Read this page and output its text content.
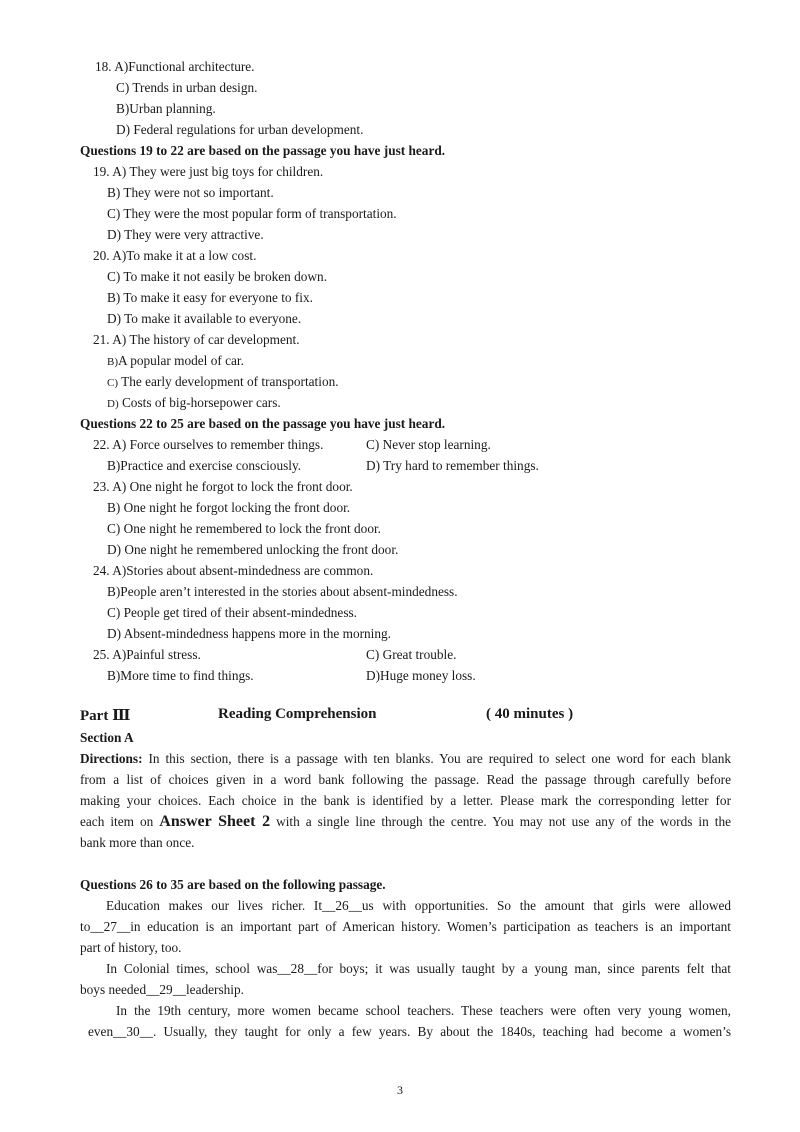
18. A)Functional architecture.
C) Trends in urban design.
B)Urban planning.
D) Federal regulations for urban development.
Questions 19 to 22 are based on the passage you have just heard.
19. A) They were just big toys for children.
B) They were not so important.
C) They were the most popular form of transportation.
D) They were very attractive.
20. A)To make it at a low cost.
C) To make it not easily be broken down.
B) To make it easy for everyone to fix.
D) To make it available to everyone.
21. A) The history of car development.
B)A popular model of car.
C) The early development of transportation.
D) Costs of big-horsepower cars.
Questions 22 to 25 are based on the passage you have just heard.
22. A) Force ourselves to remember things.	C) Never stop learning.
B)Practice and exercise consciously.	D) Try hard to remember things.
23. A) One night he forgot to lock the front door.
B) One night he forgot locking the front door.
C) One night he remembered to lock the front door.
D) One night he remembered unlocking the front door.
24. A)Stories about absent-mindedness are common.
B)People aren’t interested in the stories about absent-mindedness.
C) People get tired of their absent-mindedness.
D) Absent-mindedness happens more in the morning.
25. A)Painful stress.	C) Great trouble.
B)More time to find things.	D)Huge money loss.
Part Ⅲ	Reading Comprehension	( 40 minutes )
Section A
Directions: In this section, there is a passage with ten blanks. You are required to select one word for each blank
from a list of choices given in a word bank following the passage. Read the passage through carefully before
making your choices. Each choice in the bank is identified by a letter. Please mark the corresponding letter for
each item on Answer Sheet 2 with a single line through the centre. You may not use any of the words in the
bank more than once.
Questions 26 to 35 are based on the following passage.
Education makes our lives richer. It__26__us with opportunities. So the amount that girls were allowed
to__27__in education is an important part of American history. Women’s participation as teachers is an important
part of history, too.
In Colonial times, school was__28__for boys; it was usually taught by a young man, since parents felt that
boys needed__29__leadership.
In the 19th century, more women became school teachers. These teachers were often very young women,
even__30__. Usually, they taught for only a few years. By about the 1840s, teaching had become a women’s
3
